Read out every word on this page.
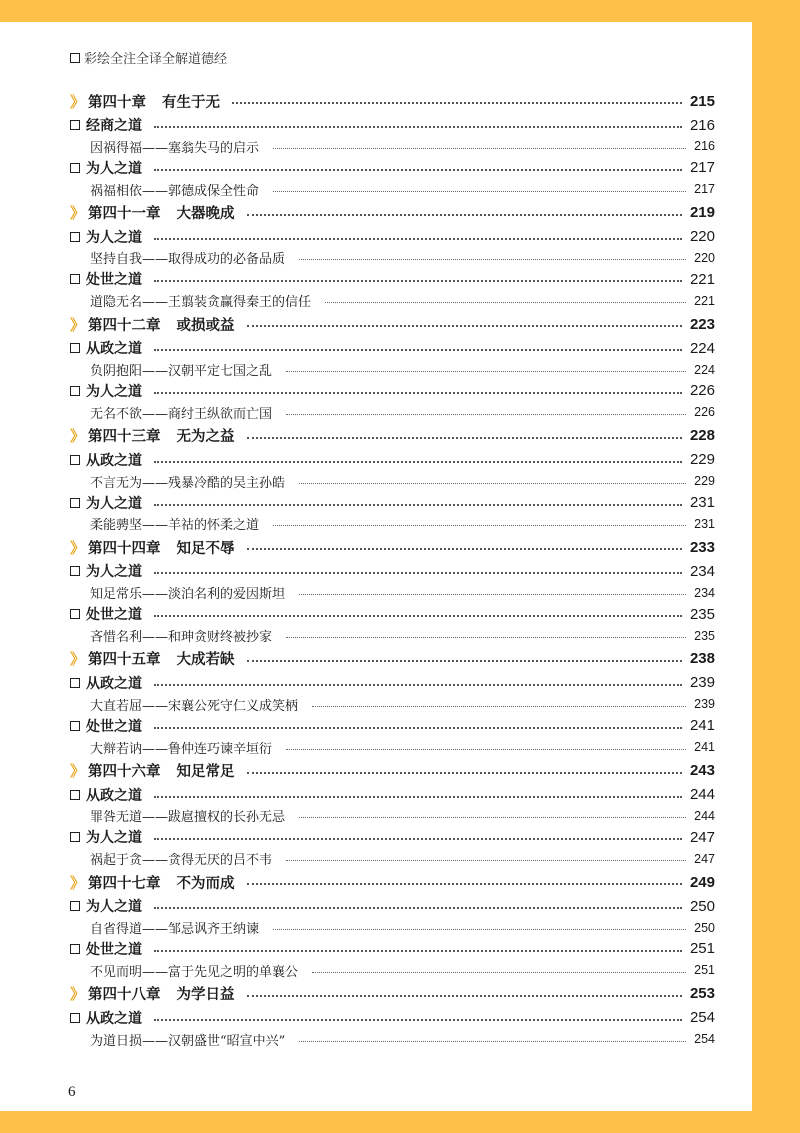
彩绘全注全译全解道德经
》 第四十章 有生于无	215
经商之道	216
因祸得福——塞翁失马的启示	216
为人之道	217
祸福相依——郭德成保全性命	217
》 第四十一章 大器晚成	219
为人之道	220
坚持自我——取得成功的必备品质	220
处世之道	221
道隐无名——王翦装贪赢得秦王的信任	221
》 第四十二章 或损或益	223
从政之道	224
负阴抱阳——汉朝平定七国之乱	224
为人之道	226
无名不欲——商纣王纵欲而亡国	226
》 第四十三章 无为之益	228
从政之道	229
不言无为——残暴冷酷的吴主孙皓	229
为人之道	231
柔能骋坚——羊祜的怀柔之道	231
》 第四十四章 知足不辱	233
为人之道	234
知足常乐——淡泊名利的爱因斯坦	234
处世之道	235
吝惜名利——和珅贪财终被抄家	235
》 第四十五章 大成若缺	238
从政之道	239
大直若屈——宋襄公死守仁义成笑柄	239
处世之道	241
大辩若讷——鲁仲连巧谏辛垣衍	241
》 第四十六章 知足常足	243
从政之道	244
罪咎无道——跋扈擅权的长孙无忌	244
为人之道	247
祸起于贪——贪得无厌的吕不韦	247
》 第四十七章 不为而成	249
为人之道	250
自省得道——邹忌讽齐王纳谏	250
处世之道	251
不见而明——富于先见之明的单襄公	251
》 第四十八章 为学日益	253
从政之道	254
为道日损——汉朝盛世“昭宣中兴”	254
6
